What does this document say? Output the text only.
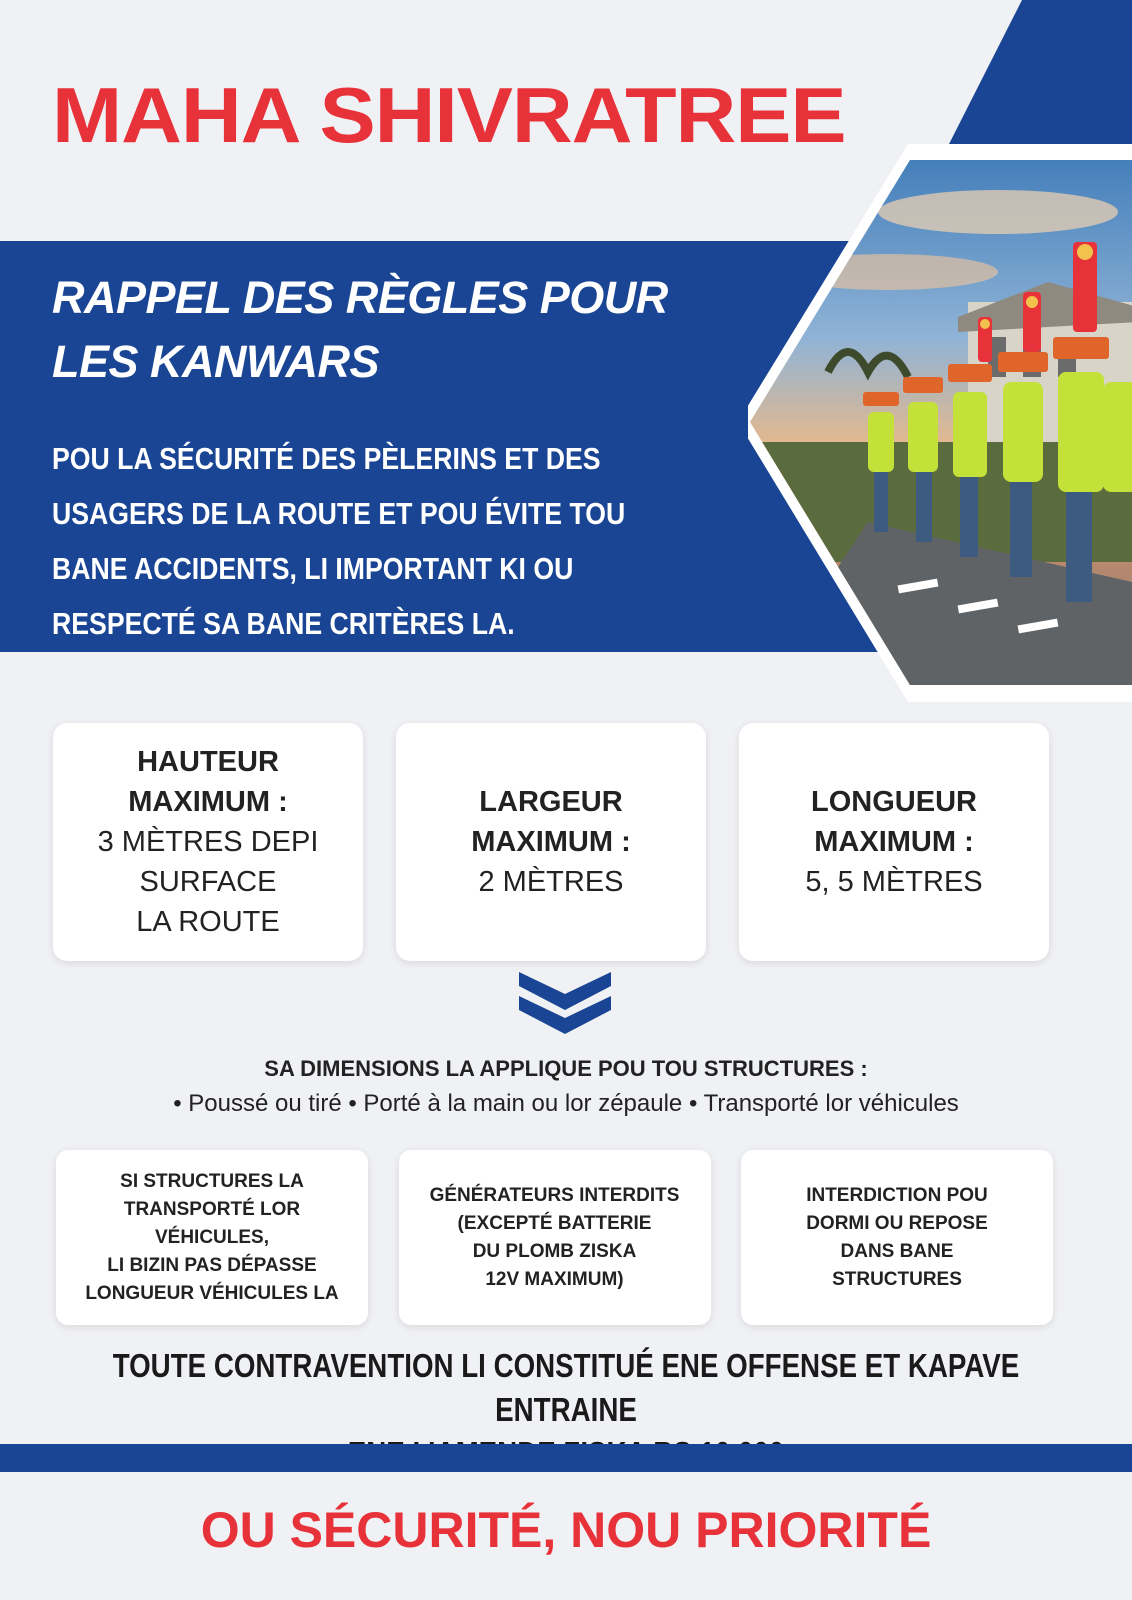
MAHA SHIVRATREE
RAPPEL DES RÈGLES POUR
LES KANWARS
POU LA SÉCURITÉ DES PÈLERINS ET DES USAGERS DE LA ROUTE ET POU ÉVITE TOU BANE ACCIDENTS, LI IMPORTANT KI OU RESPECTÉ SA BANE CRITÈRES LA.
HAUTEUR
MAXIMUM :
3 MÈTRES DEPI
SURFACE
LA ROUTE
LARGEUR
MAXIMUM :
2 MÈTRES
LONGUEUR
MAXIMUM :
5, 5 MÈTRES
SA DIMENSIONS LA APPLIQUE POU TOU STRUCTURES :
• Poussé ou tiré • Porté à la main ou lor zépaule • Transporté lor véhicules
SI STRUCTURES LA
TRANSPORTÉ LOR
VÉHICULES,
LI BIZIN PAS DÉPASSE
LONGUEUR VÉHICULES LA
GÉNÉRATEURS INTERDITS
(EXCEPTÉ BATTERIE
DU PLOMB ZISKA
12V MAXIMUM)
INTERDICTION POU
DORMI OU REPOSE
DANS BANE
STRUCTURES
TOUTE CONTRAVENTION LI CONSTITUÉ ENE OFFENSE ET KAPAVE ENTRAINE

OU SÉCURITÉ, NOU PRIORITÉ
